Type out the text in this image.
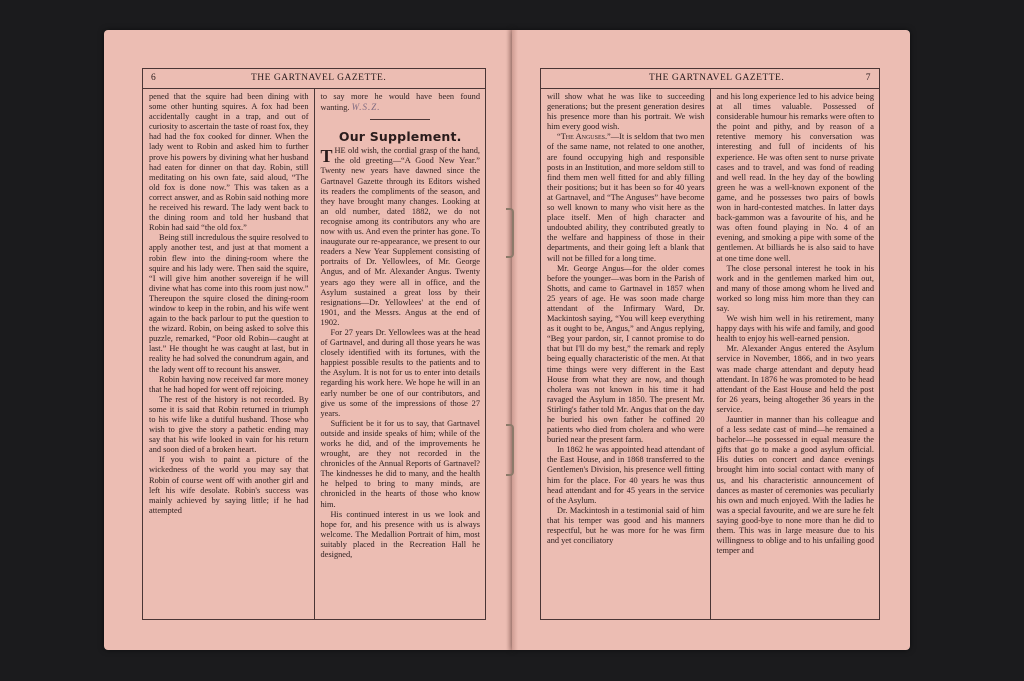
6	THE GARTNAVEL GAZETTE.

pened that the squire had been dining with some other hunting squires. A fox had been accidentally caught in a trap, and out of curiosity to ascertain the taste of roast fox, they had had the fox cooked for dinner. When the lady went to Robin and asked him to further prove his powers by divining what her husband had eaten for dinner on that day. Robin, still meditating on his own fate, said aloud, “The old fox is done now.” This was taken as a correct answer, and as Robin said nothing more he received his reward. The lady went back to the dining room and told her husband that Robin had said “the old fox.”

Being still incredulous the squire resolved to apply another test, and just at that moment a robin flew into the dining-room where the squire and his lady were. Then said the squire, “I will give him another sovereign if he will divine what has come into this room just now.” Thereupon the squire closed the dining-room window to keep in the robin, and his wife went again to the back parlour to put the question to the wizard. Robin, on being asked to solve this puzzle, remarked, “Poor old Robin—caught at last.” He thought he was caught at last, but in reality he had solved the conundrum again, and the lady went off to recount his answer.

Robin having now received far more money that he had hoped for went off rejoicing.

The rest of the history is not recorded. By some it is said that Robin returned in triumph to his wife like a dutiful husband. Those who wish to give the story a pathetic ending may say that his wife looked in vain for his return and soon died of a broken heart.

If you wish to paint a picture of the wickedness of the world you may say that Robin of course went off with another girl and left his wife desolate. Robin's success was mainly achieved by saying little; if he had attempted

to say more he would have been found wanting. W.S.Z.

Our Supplement.

THE old wish, the cordial grasp of the hand, the old greeting—“A Good New Year.” Twenty new years have dawned since the Gartnavel Gazette through its Editors wished its readers the compliments of the season, and they have brought many changes. Looking at an old number, dated 1882, we do not recognise among its contributors any who are now with us. And even the printer has gone. To inaugurate our re-appearance, we present to our readers a New Year Supplement consisting of portraits of Dr. Yellowlees, of Mr. George Angus, and of Mr. Alexander Angus. Twenty years ago they were all in office, and the Asylum sustained a great loss by their resignations—Dr. Yellowlees' at the end of 1901, and the Messrs. Angus at the end of 1902.

For 27 years Dr. Yellowlees was at the head of Gartnavel, and during all those years he was closely identified with its fortunes, with the happiest possible results to the patients and to the Asylum. It is not for us to enter into details regarding his work here. We hope he will in an early number be one of our contributors, and give us some of the impressions of those 27 years.

Sufficient be it for us to say, that Gartnavel outside and inside speaks of him; while of the works he did, and of the improvements he wrought, are they not recorded in the chronicles of the Annual Reports of Gartnavel? The kindnesses he did to many, and the health he helped to bring to many minds, are chronicled in the hearts of those who know him.

His continued interest in us we look and hope for, and his presence with us is always welcome. The Medallion Portrait of him, most suitably placed in the Recreation Hall he designed,

THE GARTNAVEL GAZETTE.	7

will show what he was like to succeeding generations; but the present generation desires his presence more than his portrait. We wish him every good wish.

“The Anguses.”—It is seldom that two men of the same name, not related to one another, are found occupying high and responsible posts in an Institution, and more seldom still to find them men well fitted for and ably filling their positions; but it has been so for 40 years at Gartnavel, and “The Anguses” have become so well known to many who visit here as the place itself. Men of high character and undoubted ability, they contributed greatly to the welfare and happiness of those in their departments, and their going left a blank that will not be filled for a long time.

Mr. George Angus—for the older comes before the younger—was born in the Parish of Shotts, and came to Gartnavel in 1857 when 25 years of age. He was soon made charge attendant of the Infirmary Ward, Dr. Mackintosh saying, “You will keep everything as it ought to be, Angus,” and Angus replying, “Beg your pardon, sir, I cannot promise to do that but I'll do my best,” the remark and reply being equally characteristic of the men. At that time things were very different in the East House from what they are now, and though cholera was not known in his time it had ravaged the Asylum in 1850. The present Mr. Stirling's father told Mr. Angus that on the day he buried his own father he coffined 20 patients who died from cholera and who were buried near the present farm.

In 1862 he was appointed head attendant of the East House, and in 1868 transferred to the Gentlemen's Division, his presence well fitting him for the place. For 40 years he was thus head attendant and for 45 years in the service of the Asylum.

Dr. Mackintosh in a testimonial said of him that his temper was good and his manners respectful, but he was more for he was firm and yet conciliatory

and his long experience led to his advice being at all times valuable. Possessed of considerable humour his remarks were often to the point and pithy, and by reason of a retentive memory his conversation was interesting and full of incidents of his experience. He was often sent to nurse private cases and to travel, and was fond of reading and well read. In the hey day of the bowling green he was a well-known exponent of the game, and he possesses two pairs of bowls won in hard-contested matches. In latter days back-gammon was a favourite of his, and he was often found playing in No. 4 of an evening, and smoking a pipe with some of the gentlemen. At billiards he is also said to have at one time done well.

The close personal interest he took in his work and in the gentlemen marked him out, and many of those among whom he lived and worked so long miss him more than they can say.

We wish him well in his retirement, many happy days with his wife and family, and good health to enjoy his well-earned pension.

Mr. Alexander Angus entered the Asylum service in November, 1866, and in two years was made charge attendant and deputy head attendant. In 1876 he was promoted to be head attendant of the East House and held the post for 26 years, being altogether 36 years in the service.

Jauntier in manner than his colleague and of a less sedate cast of mind—he remained a bachelor—he possessed in equal measure the gifts that go to make a good asylum official. His duties on concert and dance evenings brought him into social contact with many of us, and his characteristic announcement of dances as master of ceremonies was peculiarly his own and much enjoyed. With the ladies he was a special favourite, and we are sure he felt saying good-bye to none more than he did to them. This was in large measure due to his willingness to oblige and to his unfailing good temper and
